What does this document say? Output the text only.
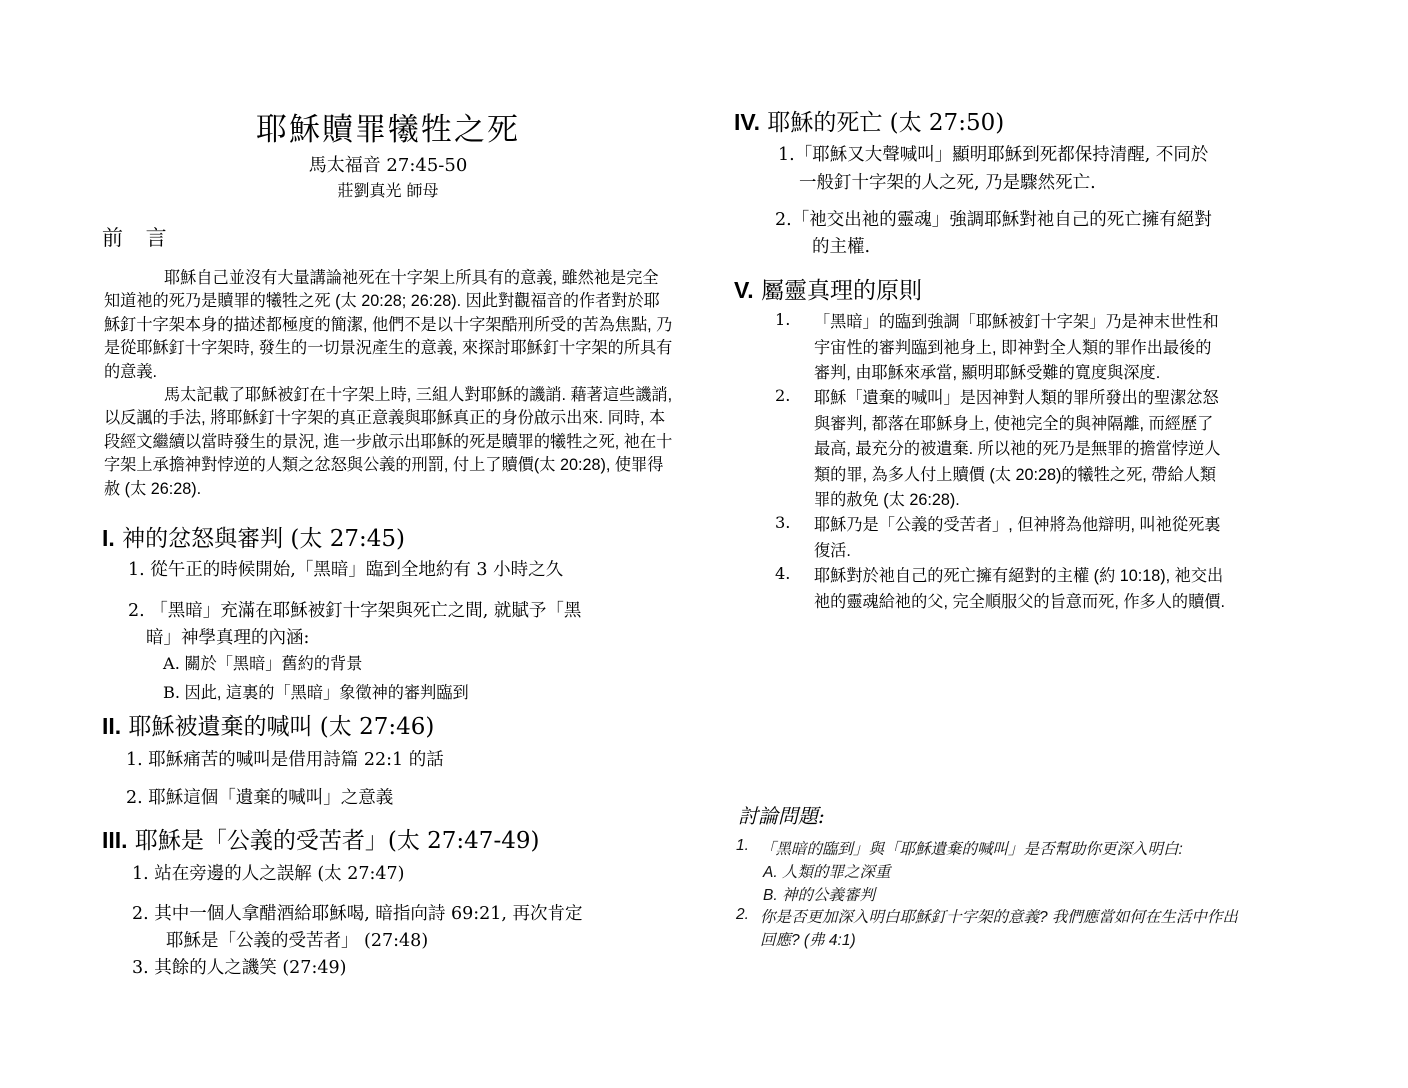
耶穌贖罪犧牲之死
馬太福音 27:45-50
莊劉真光 師母
前 言

耶穌自己並沒有大量講論祂死在十字架上所具有的意義, 雖然祂是完全知道祂的死乃是贖罪的犧牲之死 (太 20:28; 26:28). 因此對觀福音的作者對於耶穌釘十字架本身的描述都極度的簡潔, 他們不是以十字架酷刑所受的苦為焦點, 乃是從耶穌釘十字架時, 發生的一切景況產生的意義, 來探討耶穌釘十字架的所具有的意義.

馬太記載了耶穌被釘在十字架上時, 三組人對耶穌的譏誚. 藉著這些譏誚, 以反諷的手法, 將耶穌釘十字架的真正意義與耶穌真正的身份啟示出來. 同時, 本段經文繼續以當時發生的景況, 進一步啟示出耶穌的死是贖罪的犧牲之死, 祂在十字架上承擔神對悖逆的人類之忿怒與公義的刑罰, 付上了贖價(太 20:28), 使罪得赦 (太 26:28).

I. 神的忿怒與審判 (太 27:45)
1. 從午正的時候開始,「黑暗」臨到全地約有 3 小時之久
2. 「黑暗」充滿在耶穌被釘十字架與死亡之間, 就賦予「黑
暗」神學真理的內涵:
A. 關於「黑暗」舊約的背景
B. 因此, 這裏的「黑暗」象徵神的審判臨到
II. 耶穌被遺棄的喊叫 (太 27:46)
1. 耶穌痛苦的喊叫是借用詩篇 22:1 的話
2. 耶穌這個「遺棄的喊叫」之意義
III. 耶穌是「公義的受苦者」(太 27:47-49)
1. 站在旁邊的人之誤解 (太 27:47)
2. 其中一個人拿醋酒給耶穌喝, 暗指向詩 69:21, 再次肯定
耶穌是「公義的受苦者」 (27:48)
3. 其餘的人之譏笑 (27:49)
IV. 耶穌的死亡 (太 27:50)
1.「耶穌又大聲喊叫」顯明耶穌到死都保持清醒, 不同於
一般釘十字架的人之死, 乃是驟然死亡.
2.「祂交出祂的靈魂」強調耶穌對祂自己的死亡擁有絕對
的主權.
V. 屬靈真理的原則
1. 「黑暗」的臨到強調「耶穌被釘十字架」乃是神末世性和
宇宙性的審判臨到祂身上, 即神對全人類的罪作出最後的
審判, 由耶穌來承當, 顯明耶穌受難的寬度與深度.
2. 耶穌「遺棄的喊叫」是因神對人類的罪所發出的聖潔忿怒
與審判, 都落在耶穌身上, 使祂完全的與神隔離, 而經歷了
最高, 最充分的被遺棄. 所以祂的死乃是無罪的擔當悖逆人
類的罪, 為多人付上贖價 (太 20:28)的犧牲之死, 帶給人類
罪的赦免 (太 26:28).
3. 耶穌乃是「公義的受苦者」, 但神將為他辯明, 叫祂從死裏
復活.
4. 耶穌對於祂自己的死亡擁有絕對的主權 (約 10:18), 祂交出
祂的靈魂給祂的父, 完全順服父的旨意而死, 作多人的贖價.
討論問題:
1. 「黑暗的臨到」與「耶穌遺棄的喊叫」是否幫助你更深入明白:
A. 人類的罪之深重
B. 神的公義審判
2. 你是否更加深入明白耶穌釘十字架的意義? 我們應當如何在生活中作出
回應? (弗 4:1)
